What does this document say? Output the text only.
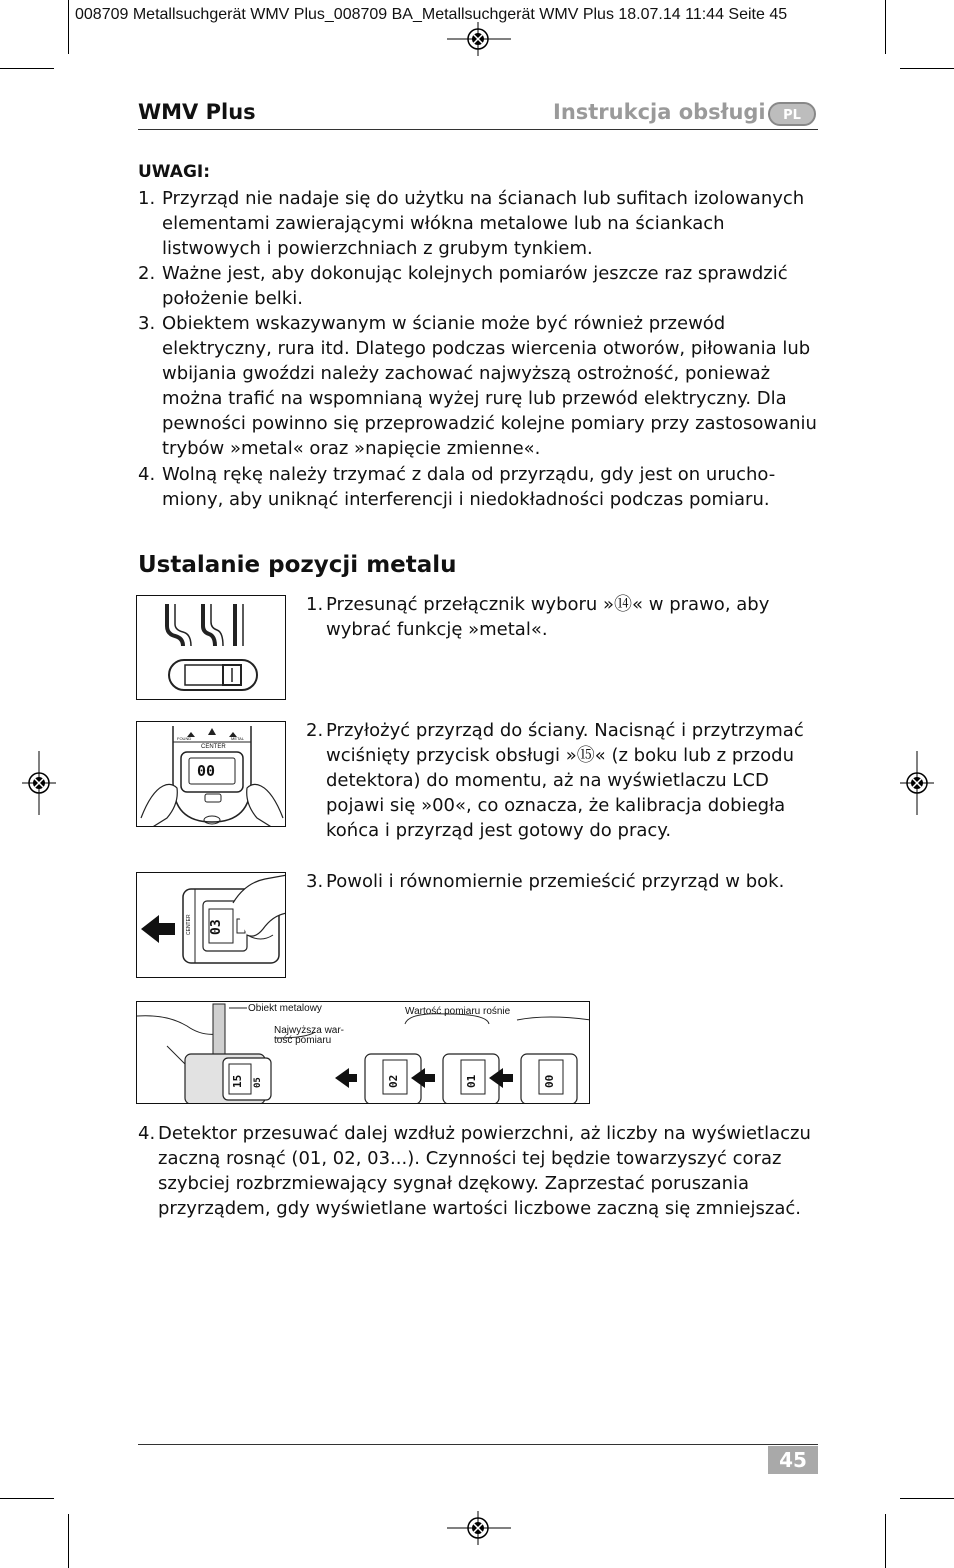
008709 Metallsuchgerät WMV Plus_008709 BA_Metallsuchgerät WMV Plus 18.07.14 11:44 Seite 45
WMV Plus	Instrukcja obsługi	PL
UWAGI:
1. Przyrząd nie nadaje się do użytku na ścianach lub sufitach izolowanych elementami zawierającymi włókna metalowe lub na ściankach listwowych i powierzchniach z grubym tynkiem.
2. Ważne jest, aby dokonując kolejnych pomiarów jeszcze raz sprawdzić położenie belki.
3. Obiektem wskazywanym w ścianie może być również przewód elektryczny, rura itd. Dlatego podczas wiercenia otworów, piłowania lub wbijania gwoździ należy zachować najwyższą ostrożność, ponieważ można trafić na wspomnianą wyżej rurę lub przewód elektryczny. Dla pewności powinno się przeprowadzić kolejne pomiary przy zastosowaniu trybów »metal« oraz »napięcie zmienne«.
4. Wolną rękę należy trzymać z dala od przyrządu, gdy jest on urucho-miony, aby uniknąć interferencji i niedokładności podczas pomiaru.
Ustalanie pozycji metalu
1. Przesunąć przełącznik wyboru »⑭« w prawo, aby wybrać funkcję »metal«.
FOUND	METAL
CENTER
00
2. Przyłożyć przyrząd do ściany. Nacisnąć i przytrzymać wciśnięty przycisk obsługi »⑮« (z boku lub z przodu detektora) do momentu, aż na wyświetlaczu LCD pojawi się »00«, co oznacza, że kalibracja dobiegła końca i przyrząd jest gotowy do pracy.
03
CENTER
3. Powoli i równomiernie przemieścić przyrząd w bok.
Obiekt metalowy
Najwyższa war-
tość pomiaru
Wartość pomiaru rośnie
15 05	02	01	00
4. Detektor przesuwać dalej wzdłuż powierzchni, aż liczby na wyświetlaczu zaczną rosnąć (01, 02, 03...). Czynności tej będzie towarzyszyć coraz szybciej rozbrzmiewający sygnał dzękowy. Zaprzestać poruszania przyrządem, gdy wyświetlane wartości liczbowe zaczną się zmniejszać.
45
